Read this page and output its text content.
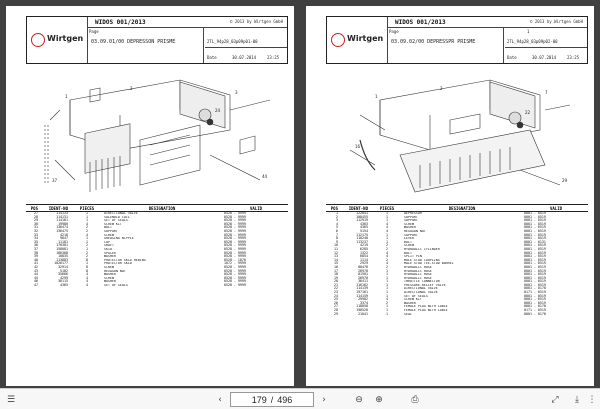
Wirtgen
WIDOS 001/2013	© 2013 by Wirtgen GmbH
Page
03.09.01/00 DEPRESSON PRISME	2TL_94p28_03p09p01-00
Date	30.07.2014	23:25
1
2
3
24
37
44
POS	IDENT-NO	PIECES	DESIGNATION	VALID
27	114133	1	DIRECTIONAL VALVE	0528 - 9999
28	114131	1	SOLENOID COIL	0528 - 9999
29	114161	1	SET OF SEALS	0528 - 9999
30	19980	4	SCREW KIT	0528 - 9999
31	136474	2	BOLT	0528 - 9999
32	136475	2	SUPPORT	0528 - 9999
33	4218	4	SCREW	0528 - 9999
34	9847	1	GREASING NIPPLE	0528 - 9999
35	11181	1	CAP	0528 - 9999
36	170381	2	SHAFT	0528 - 9999
37	158081	1	SKID	0528 - 9999
38	166368	2	SPACER	0528 - 9999
39	10835	2	WASHER	0528 - 9999
40	113883	8	PROTECTOR SKID HEBING	0528 - 1070
41	1026177	1	PROTECTOR SKID	1072 - 9999
42	32914	8	SCREW	0528 - 9999
43	5182	8	HEXAGON NUT	0528 - 9999
44	35666	4	WASHER	0528 - 9999
45	4299	4	SCREW	0528 - 9999
46	36115	4	WASHER	0528 - 9999
47	4365	4	SET OF SEALS	0528 - 9999
Wirtgen
WIDOS 001/2013	© 2013 by Wirtgen GmbH
Page	1
03.09.02/00 DEPRESSPR PRISME	2TL_94p28_03p09p02-00
Date	30.07.2014	23:25
1
2
7
22
16
29
POS	IDENT-NO	PIECES	DESIGNATION	VALID
1	122841	1	DEPRESSOR	0001 - 0519
2	108455	1	SUPPORT	0001 - 0519
3	112919	1	SUPPORT	0001 - 0519
4	4363	4	SCREW	0001 - 0519
5	4365	4	WASHER	0001 - 0519
6	5154	4	HEXAGON NUT	0001 - 0519
7	112175	1	SUPPORT	0001 - 0519
8	110240	1	LEVER	0001 - 0519
9	113237	1	BOLT	0001 - 0131
10	4219	2	SCREW	0001 - 0519
11	6285	2	HYDRAULIC CYLINDER	0001 - 0519
12	1322	4	BOLT	0001 - 0519
13	6854	4	SPLIT PIN	0001 - 0519
14	1114	2	MALE STUD COUPLING	0001 - 0519
15	2929	4	MALE STUD TEE-STUD BARREL	0001 - 0519
16	80478	2	HYDRAULIC HOSE	0001 - 0519
17	26978	1	HYDRAULIC HOSE	0001 - 0519
18	81501	1	HYDRAULIC HOSE	0001 - 0519
19	26970	1	HYDRAULIC HOSE	0001 - 0519
20	36411	1	THROTTLE CONNECTOR	0001 - 0519
21	116162	1	PRESSURE-RELIEF VALVE	0001 - 0519
22	114139	1	DIRECTIONAL VALVE	0001 - 0170
23	197161	1	DIRECTIONAL VALVE	0171 - 0519
24	114159	1	SET OF SEALS	0001 - 0519
25	29982	4	SCREW KIT	0001 - 0519
26	3374	2	WASHER	0001 - 0519
27	118858	1	FEMALE PLUG WITH CABLE	0001 - 0170
28	198520	1	FEMALE PLUG WITH CABLE	0171 - 0519
29	21041	1	SEAL	0001 - 0170
☰	‹	179 / 496	›	⊖	⊕	⎙	⤢	⤓ ⋮
